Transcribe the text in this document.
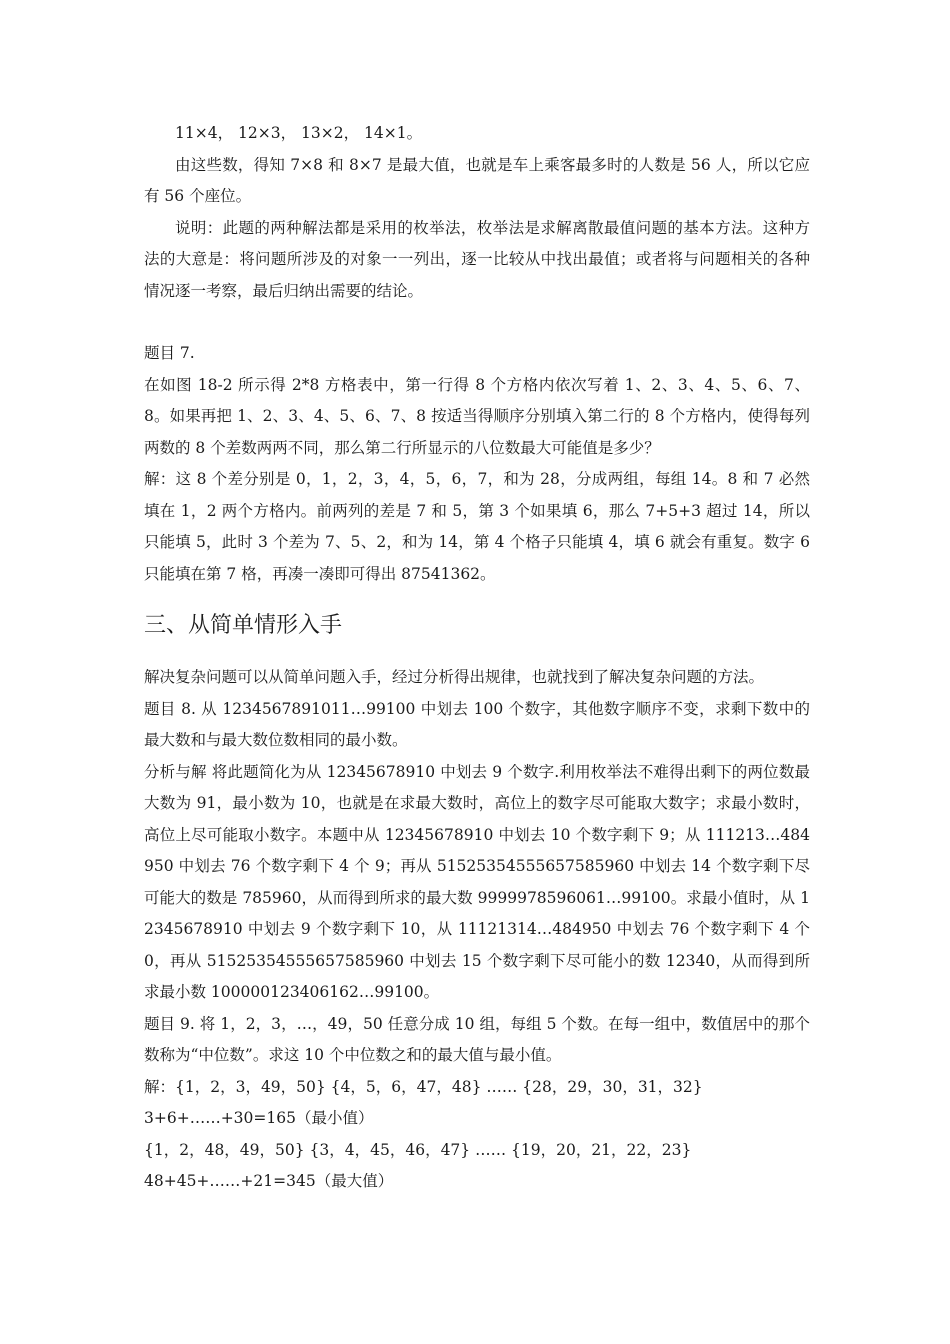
11×4， 12×3， 13×2， 14×1。

由这些数，得知 7×8 和 8×7 是最大值，也就是车上乘客最多时的人数是 56 人，所以它应有 56 个座位。

说明：此题的两种解法都是采用的枚举法，枚举法是求解离散最值问题的基本方法。这种方法的大意是：将问题所涉及的对象一一列出，逐一比较从中找出最值；或者将与问题相关的各种情况逐一考察，最后归纳出需要的结论。

题目 7.

在如图 18-2 所示得 2*8 方格表中，第一行得 8 个方格内依次写着 1、2、3、4、5、6、7、8。如果再把 1、2、3、4、5、6、7、8 按适当得顺序分别填入第二行的 8 个方格内，使得每列两数的 8 个差数两两不同，那么第二行所显示的八位数最大可能值是多少？

解：这 8 个差分别是 0，1，2，3，4，5，6，7，和为 28，分成两组，每组 14。8 和 7 必然填在 1，2 两个方格内。前两列的差是 7 和 5，第 3 个如果填 6，那么 7+5+3 超过 14，所以只能填 5，此时 3 个差为 7、5、2，和为 14，第 4 个格子只能填 4，填 6 就会有重复。数字 6 只能填在第 7 格，再凑一凑即可得出 87541362。

三、从简单情形入手

解决复杂问题可以从简单问题入手，经过分析得出规律，也就找到了解决复杂问题的方法。

题目 8. 从 1234567891011…99100 中划去 100 个数字，其他数字顺序不变，求剩下数中的最大数和与最大数位数相同的最小数。

分析与解 将此题简化为从 12345678910 中划去 9 个数字.利用枚举法不难得出剩下的两位数最大数为 91，最小数为 10，也就是在求最大数时，高位上的数字尽可能取大数字；求最小数时，高位上尽可能取小数字。本题中从 12345678910 中划去 10 个数字剩下 9；从 111213…484950 中划去 76 个数字剩下 4 个 9；再从 51525354555657585960 中划去 14 个数字剩下尽可能大的数是 785960，从而得到所求的最大数 9999978596061…99100。求最小值时，从 12345678910 中划去 9 个数字剩下 10，从 11121314…484950 中划去 76 个数字剩下 4 个 0，再从 51525354555657585960 中划去 15 个数字剩下尽可能小的数 12340，从而得到所求最小数 100000123406162…99100。

题目 9. 将 1，2，3，…，49，50 任意分成 10 组，每组 5 个数。在每一组中，数值居中的那个数称为“中位数”。求这 10 个中位数之和的最大值与最小值。

解：{1，2，3，49，50} {4，5，6，47，48} …… {28，29，30，31，32}

3+6+……+30=165（最小值）

{1，2，48，49，50} {3，4，45，46，47} …… {19，20，21，22，23}

48+45+……+21=345（最大值）
